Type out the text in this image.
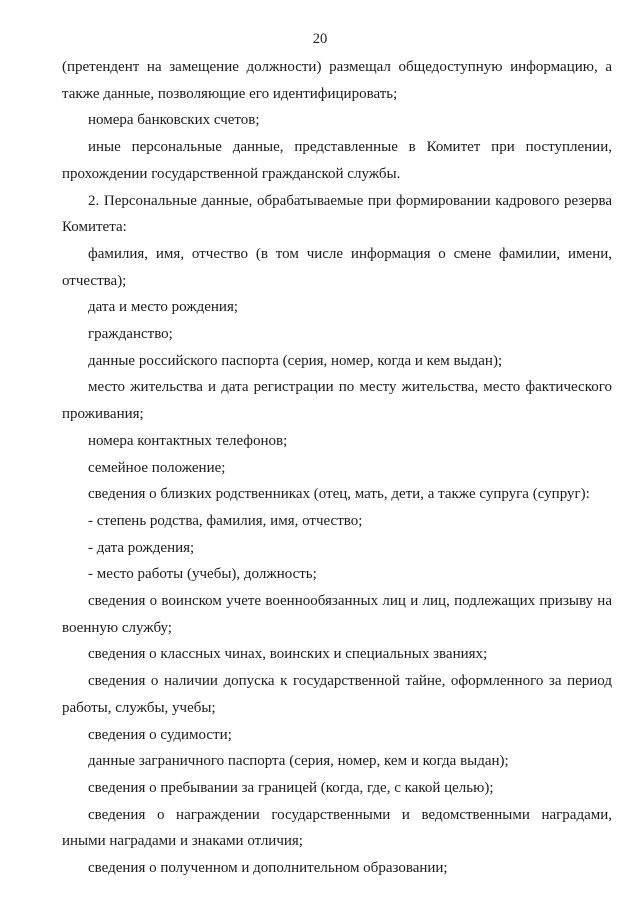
20

(претендент на замещение должности) размещал общедоступную информацию, а

также данные, позволяющие его идентифицировать;

номера банковских счетов;

иные персональные данные, представленные в Комитет при поступлении, прохождении государственной гражданской службы.

2. Персональные данные, обрабатываемые при формировании кадрового резерва Комитета:

фамилия, имя, отчество (в том числе информация о смене фамилии, имени, отчества);

дата и место рождения;

гражданство;

данные российского паспорта (серия, номер, когда и кем выдан);

место жительства и дата регистрации по месту жительства, место фактического проживания;

номера контактных телефонов;

семейное положение;

сведения о близких родственниках (отец, мать, дети, а также супруга (супруг):

- степень родства, фамилия, имя, отчество;

- дата рождения;

- место работы (учебы), должность;

сведения о воинском учете военнообязанных лиц и лиц, подлежащих призыву на военную службу;

сведения о классных чинах, воинских и специальных званиях;

сведения о наличии допуска к государственной тайне, оформленного за период работы, службы, учебы;

сведения о судимости;

данные заграничного паспорта (серия, номер, кем и когда выдан);

сведения о пребывании за границей (когда, где, с какой целью);

сведения о награждении государственными и ведомственными наградами, иными наградами и знаками отличия;

сведения о полученном и дополнительном образовании;
